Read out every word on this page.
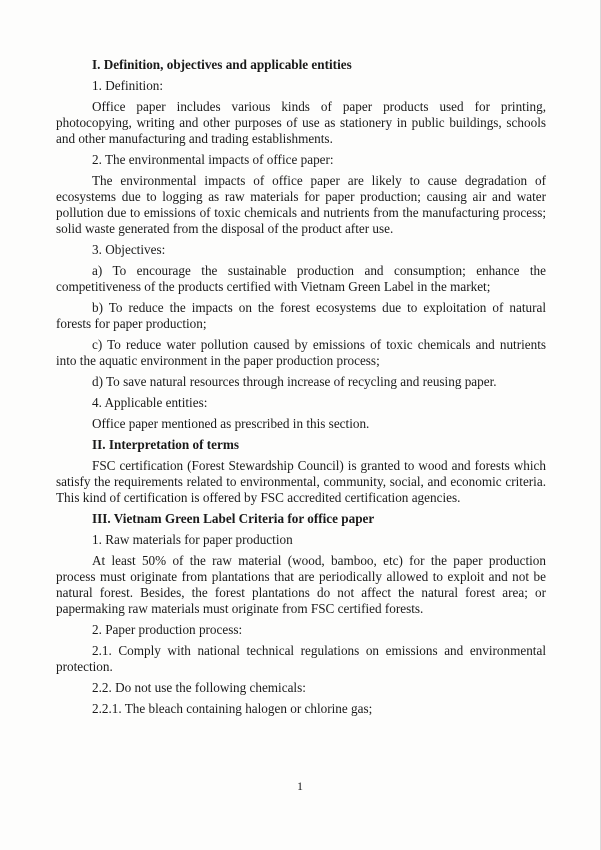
I. Definition, objectives and applicable entities

1. Definition:

Office paper includes various kinds of paper products used for printing, photocopying, writing and other purposes of use as stationery in public buildings, schools and other manufacturing and trading establishments.

2. The environmental impacts of office paper:

The environmental impacts of office paper are likely to cause degradation of ecosystems due to logging as raw materials for paper production; causing air and water pollution due to emissions of toxic chemicals and nutrients from the manufacturing process; solid waste generated from the disposal of the product after use.

3. Objectives:

a) To encourage the sustainable production and consumption; enhance the competitiveness of the products certified with Vietnam Green Label in the market;

b) To reduce the impacts on the forest ecosystems due to exploitation of natural forests for paper production;

c) To reduce water pollution caused by emissions of toxic chemicals and nutrients into the aquatic environment in the paper production process;

d) To save natural resources through increase of recycling and reusing paper.

4. Applicable entities:

Office paper mentioned as prescribed in this section.

II. Interpretation of terms

FSC certification (Forest Stewardship Council) is granted to wood and forests which satisfy the requirements related to environmental, community, social, and economic criteria. This kind of certification is offered by FSC accredited certification agencies.

III. Vietnam Green Label Criteria for office paper

1. Raw materials for paper production

At least 50% of the raw material (wood, bamboo, etc) for the paper production process must originate from plantations that are periodically allowed to exploit and not be natural forest. Besides, the forest plantations do not affect the natural forest area; or papermaking raw materials must originate from FSC certified forests.

2. Paper production process:

2.1. Comply with national technical regulations on emissions and environmental protection.

2.2. Do not use the following chemicals:

2.2.1. The bleach containing halogen or chlorine gas;

1
